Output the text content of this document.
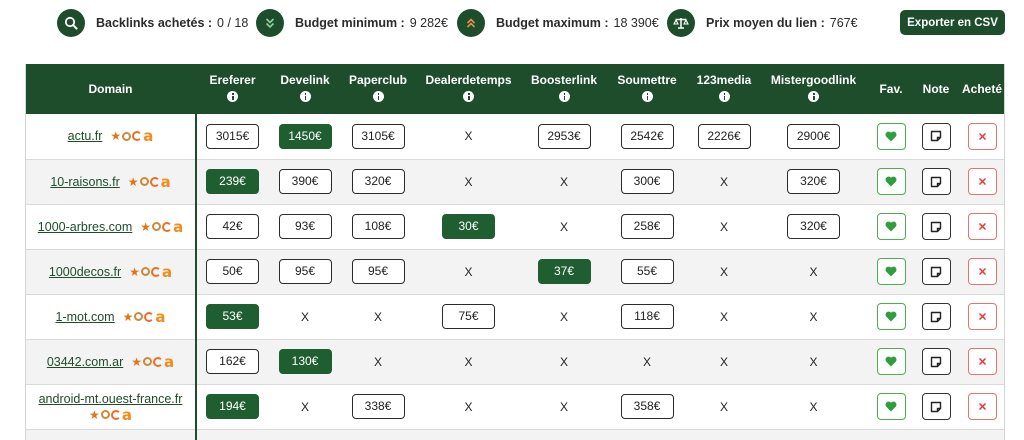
Backlinks achetés : 0 / 18	Budget minimum : 9 282€	Budget maximum : 18 390€	Prix moyen du lien : 767€	Exporter en CSV
Domain	Ereferer	Develink	Paperclub	Dealerdetemps	Boosterlink	Soumettre	123media	Mistergoodlink	Fav.	Note	Acheté

actu.fr ★ a	3015€	1450€	3105€	X	2953€	2542€	2226€	2900€	

10-raisons.fr ★ a	239€	390€	320€	X	X	300€	X	320€	

1000-arbres.com ★ a	42€	93€	108€	30€	X	258€	X	320€	

1000decos.fr ★ a	50€	95€	95€	X	37€	55€	X	X	

1-mot.com ★ a	53€	X	X	75€	X	118€	X	X	

03442.com.ar ★ a	162€	130€	X	X	X	X	X	X	

android-mt.ouest-france.fr
★ a	194€	X	338€	X	X	358€	X	X	
